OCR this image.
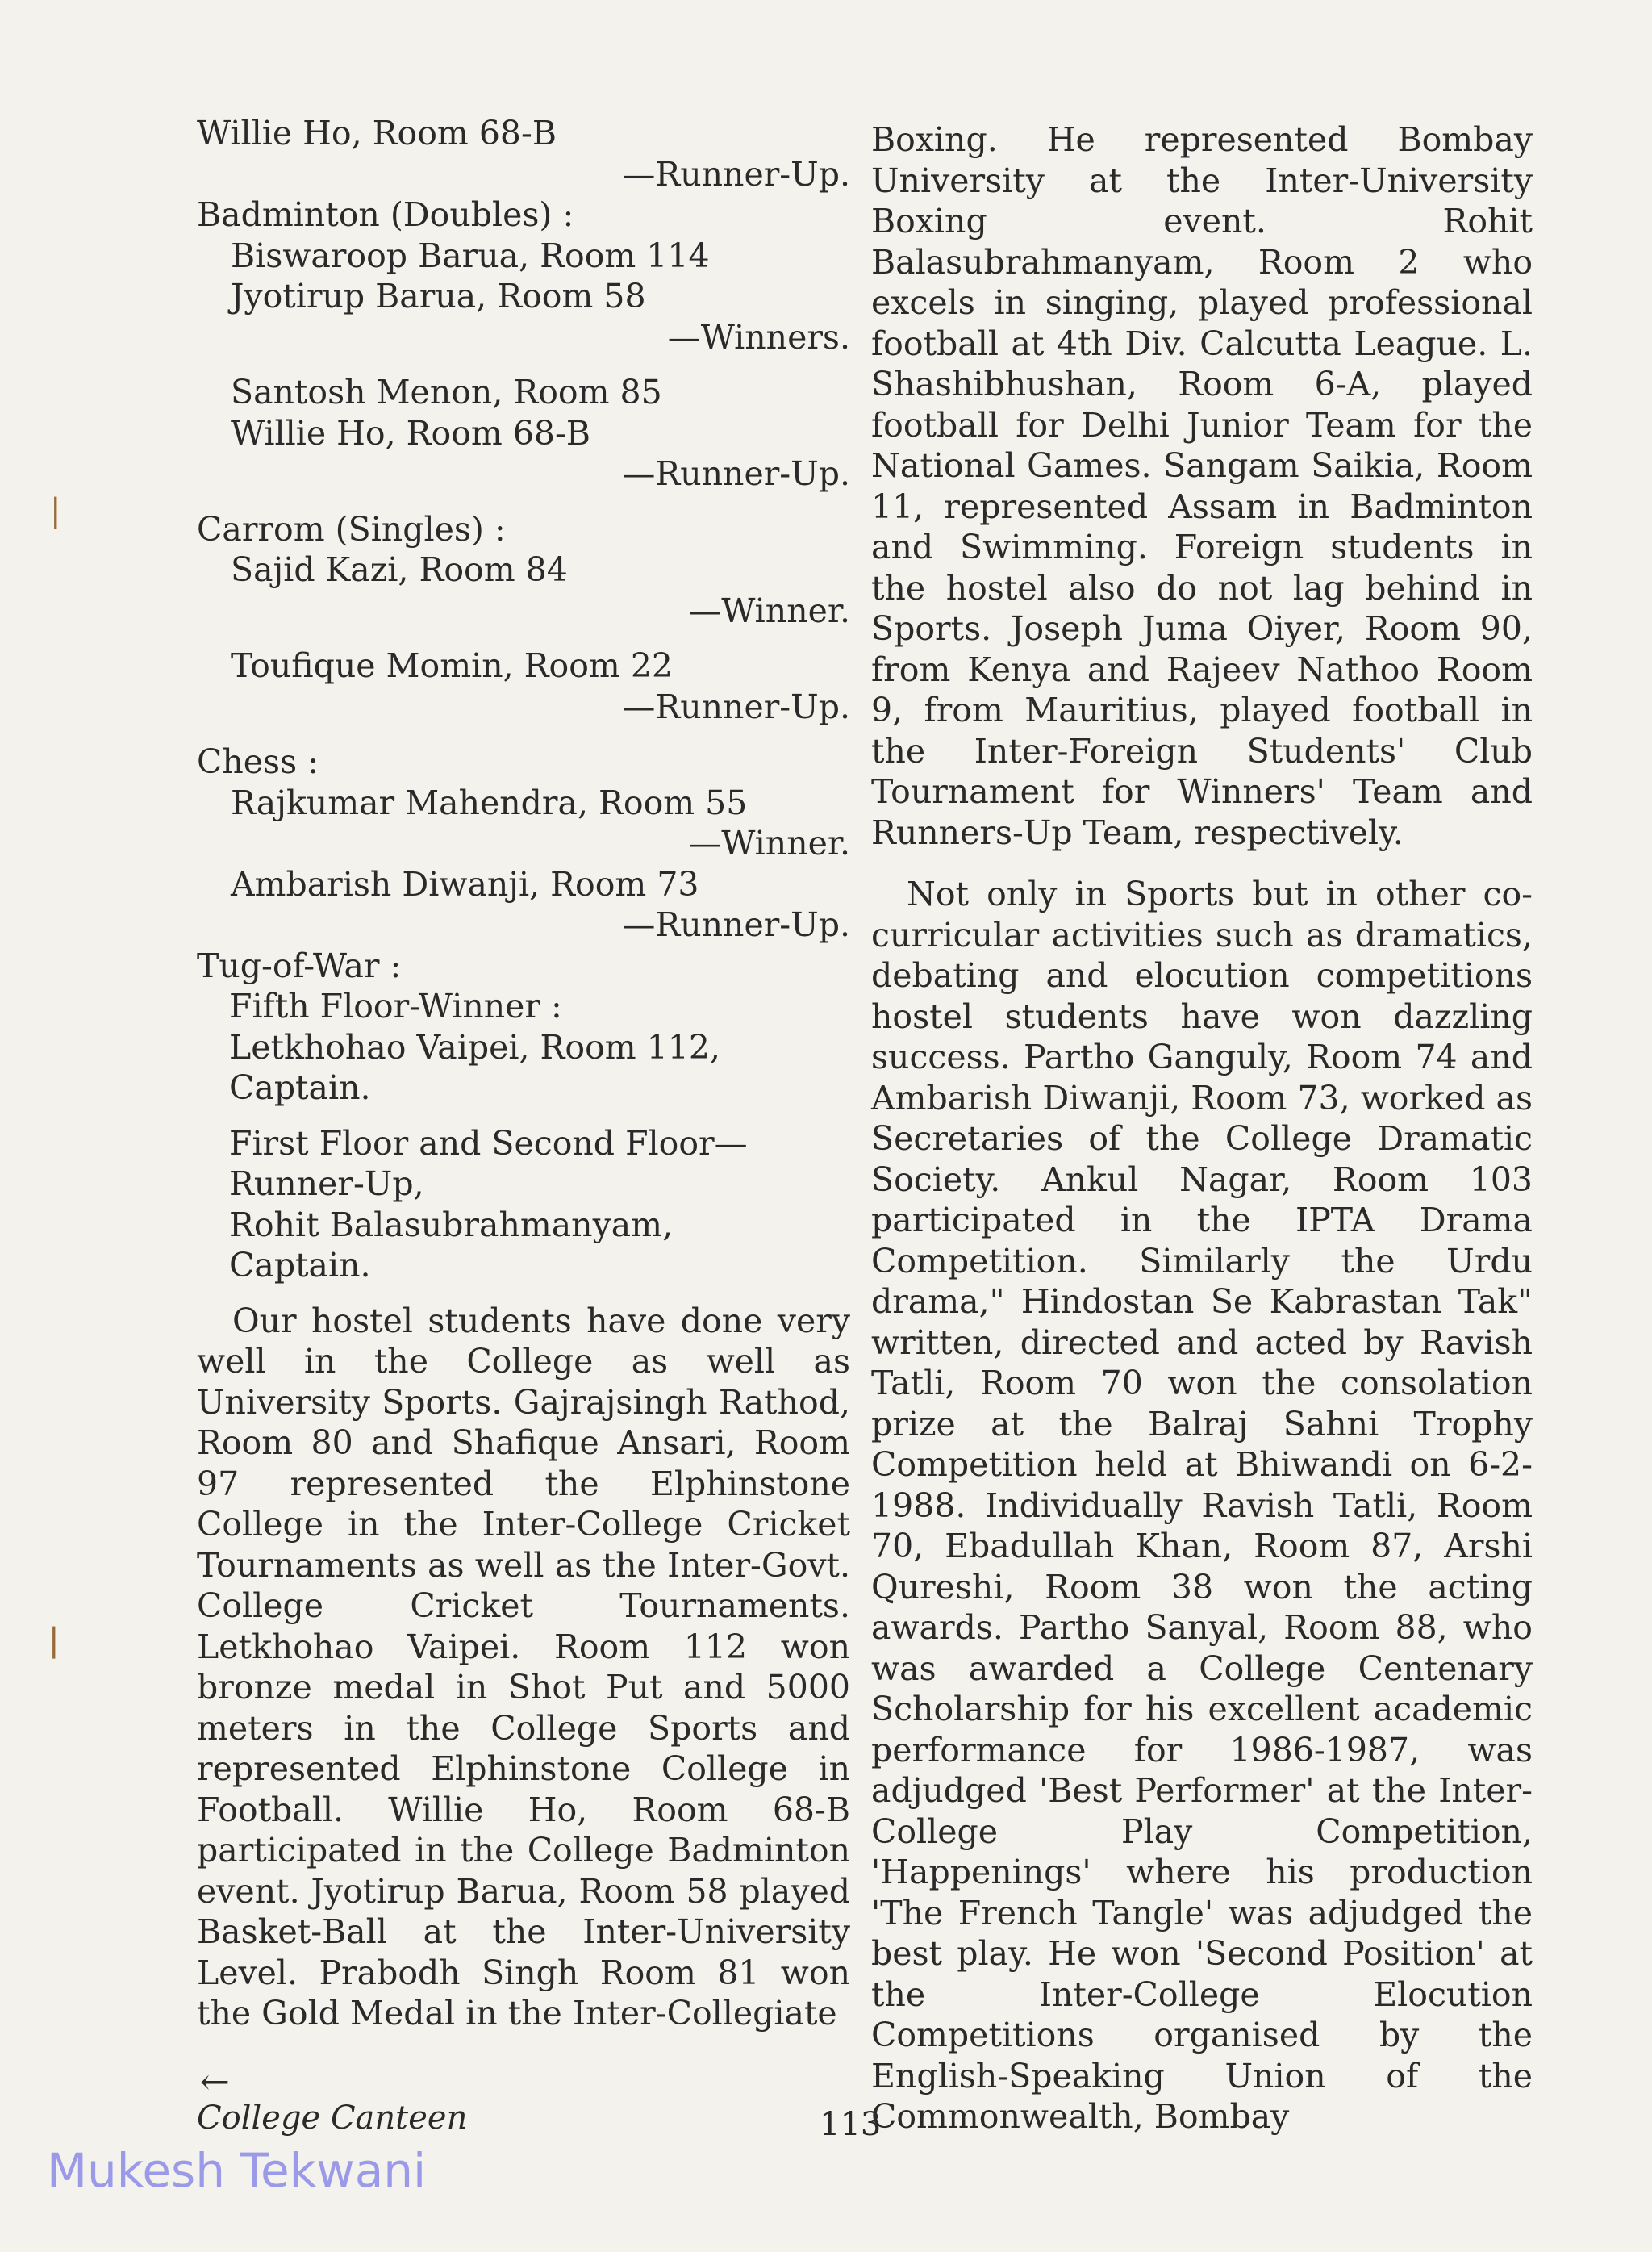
Willie Ho, Room 68-B
—Runner-Up.
Badminton (Doubles) :
Biswaroop Barua, Room 114
Jyotirup Barua, Room 58
—Winners.
Santosh Menon, Room 85
Willie Ho, Room 68-B
—Runner-Up.
Carrom (Singles) :
Sajid Kazi, Room 84
—Winner.
Toufique Momin, Room 22
—Runner-Up.
Chess :
Rajkumar Mahendra, Room 55
—Winner.
Ambarish Diwanji, Room 73
—Runner-Up.
Tug-of-War :
Fifth Floor-Winner :
Letkhohao Vaipei, Room 112,
Captain.
First Floor and Second Floor—
Runner-Up,
Rohit Balasubrahmanyam,
Captain.
Our hostel students have done very well in the College as well as University Sports. Gajrajsingh Rathod, Room 80 and Shafique Ansari, Room 97 represented the Elphinstone College in the Inter-College Cricket Tournaments as well as the Inter-Govt. College Cricket Tournaments. Letkhohao Vaipei. Room 112 won bronze medal in Shot Put and 5000 meters in the College Sports and represented Elphinstone College in Football. Willie Ho, Room 68-B participated in the College Badminton event. Jyotirup Barua, Room 58 played Basket-Ball at the Inter-University Level. Prabodh Singh Room 81 won the Gold Medal in the Inter-Collegiate
Boxing. He represented Bombay University at the Inter-University Boxing event. Rohit Balasubrahmanyam, Room 2 who excels in singing, played professional football at 4th Div. Calcutta League. L. Shashibhushan, Room 6-A, played football for Delhi Junior Team for the National Games. Sangam Saikia, Room 11, represented Assam in Badminton and Swimming. Foreign students in the hostel also do not lag behind in Sports. Joseph Juma Oiyer, Room 90, from Kenya and Rajeev Nathoo Room 9, from Mauritius, played football in the Inter-Foreign Students' Club Tournament for Winners' Team and Runners-Up Team, respectively.
Not only in Sports but in other co-curricular activities such as dramatics, debating and elocution competitions hostel students have won dazzling success. Partho Ganguly, Room 74 and Ambarish Diwanji, Room 73, worked as Secretaries of the College Dramatic Society. Ankul Nagar, Room 103 participated in the IPTA Drama Competition. Similarly the Urdu drama," Hindostan Se Kabrastan Tak" written, directed and acted by Ravish Tatli, Room 70 won the consolation prize at the Balraj Sahni Trophy Competition held at Bhiwandi on 6-2-1988. Individually Ravish Tatli, Room 70, Ebadullah Khan, Room 87, Arshi Qureshi, Room 38 won the acting awards. Partho Sanyal, Room 88, who was awarded a College Centenary Scholarship for his excellent academic performance for 1986-1987, was adjudged 'Best Performer' at the Inter-College Play Competition, 'Happenings' where his production 'The French Tangle' was adjudged the best play. He won 'Second Position' at the Inter-College Elocution Competitions organised by the English-Speaking Union of the Commonwealth, Bombay
←
College Canteen	113
Mukesh Tekwani
❘
❘
